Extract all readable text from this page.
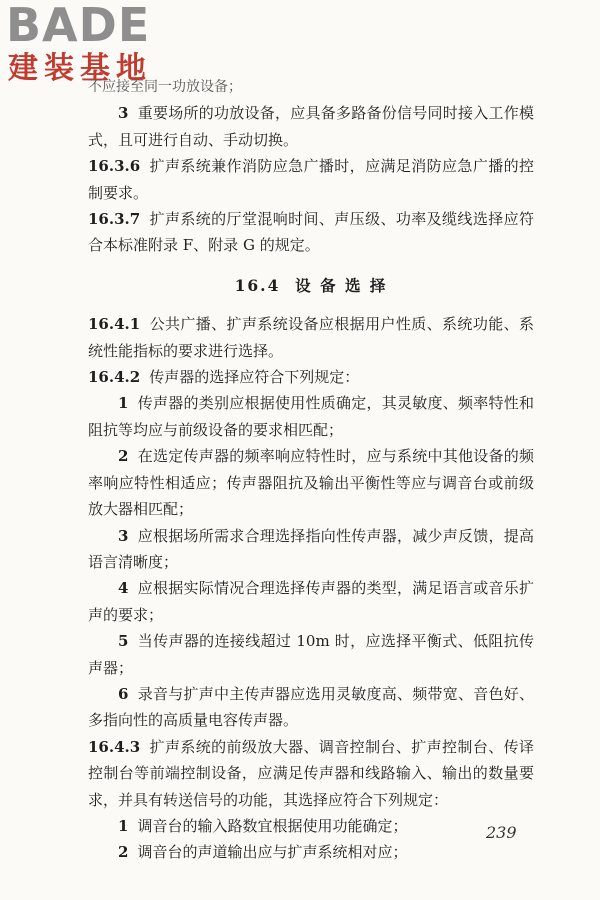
BADE
建装基地

不应接至同一功放设备；

3 重要场所的功放设备，应具备多路备份信号同时接入工作模式，且可进行自动、手动切换。

16.3.6 扩声系统兼作消防应急广播时，应满足消防应急广播的控制要求。

16.3.7 扩声系统的厅堂混响时间、声压级、功率及缆线选择应符合本标准附录 F、附录 G 的规定。

16.4 设 备 选 择

16.4.1 公共广播、扩声系统设备应根据用户性质、系统功能、系统性能指标的要求进行选择。

16.4.2 传声器的选择应符合下列规定：

1 传声器的类别应根据使用性质确定，其灵敏度、频率特性和阻抗等均应与前级设备的要求相匹配；

2 在选定传声器的频率响应特性时，应与系统中其他设备的频率响应特性相适应；传声器阻抗及输出平衡性等应与调音台或前级放大器相匹配；

3 应根据场所需求合理选择指向性传声器，减少声反馈，提高语言清晰度；

4 应根据实际情况合理选择传声器的类型，满足语言或音乐扩声的要求；

5 当传声器的连接线超过 10m 时，应选择平衡式、低阻抗传声器；

6 录音与扩声中主传声器应选用灵敏度高、频带宽、音色好、多指向性的高质量电容传声器。

16.4.3 扩声系统的前级放大器、调音控制台、扩声控制台、传译控制台等前端控制设备，应满足传声器和线路输入、输出的数量要求，并具有转送信号的功能，其选择应符合下列规定：

1 调音台的输入路数宜根据使用功能确定；

2 调音台的声道输出应与扩声系统相对应；

239
